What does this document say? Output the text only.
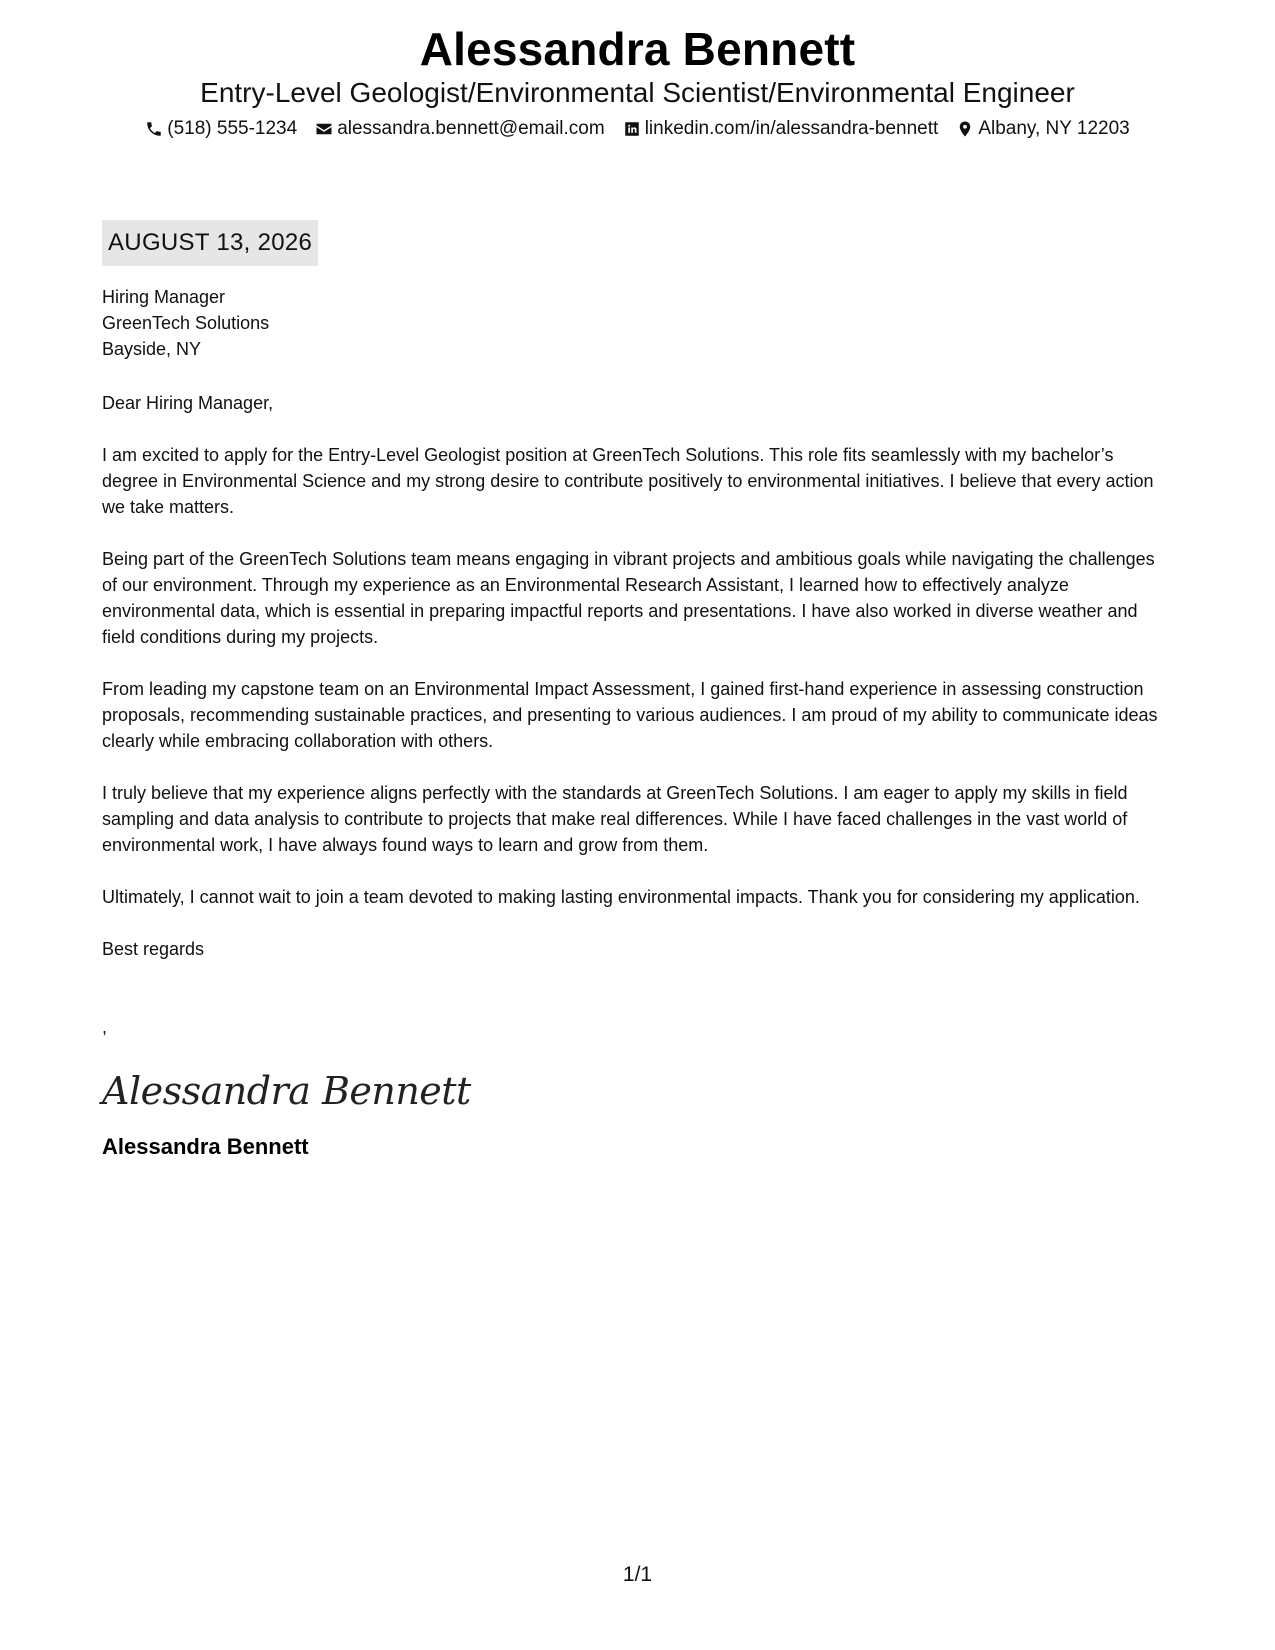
Alessandra Bennett
Entry-Level Geologist/Environmental Scientist/Environmental Engineer
(518) 555-1234 alessandra.bennett@email.com linkedin.com/in/alessandra-bennett Albany, NY 12203
AUGUST 13, 2026
Hiring Manager
GreenTech Solutions
Bayside, NY
Dear Hiring Manager,
I am excited to apply for the Entry-Level Geologist position at GreenTech Solutions. This role fits seamlessly with my bachelor’s degree in Environmental Science and my strong desire to contribute positively to environmental initiatives. I believe that every action we take matters.
Being part of the GreenTech Solutions team means engaging in vibrant projects and ambitious goals while navigating the challenges of our environment. Through my experience as an Environmental Research Assistant, I learned how to effectively analyze environmental data, which is essential in preparing impactful reports and presentations. I have also worked in diverse weather and field conditions during my projects.
From leading my capstone team on an Environmental Impact Assessment, I gained first-hand experience in assessing construction proposals, recommending sustainable practices, and presenting to various audiences. I am proud of my ability to communicate ideas clearly while embracing collaboration with others.
I truly believe that my experience aligns perfectly with the standards at GreenTech Solutions. I am eager to apply my skills in field sampling and data analysis to contribute to projects that make real differences. While I have faced challenges in the vast world of environmental work, I have always found ways to learn and grow from them.
Ultimately, I cannot wait to join a team devoted to making lasting environmental impacts. Thank you for considering my application.
Best regards
,
Alessandra Bennett
Alessandra Bennett
1/1
